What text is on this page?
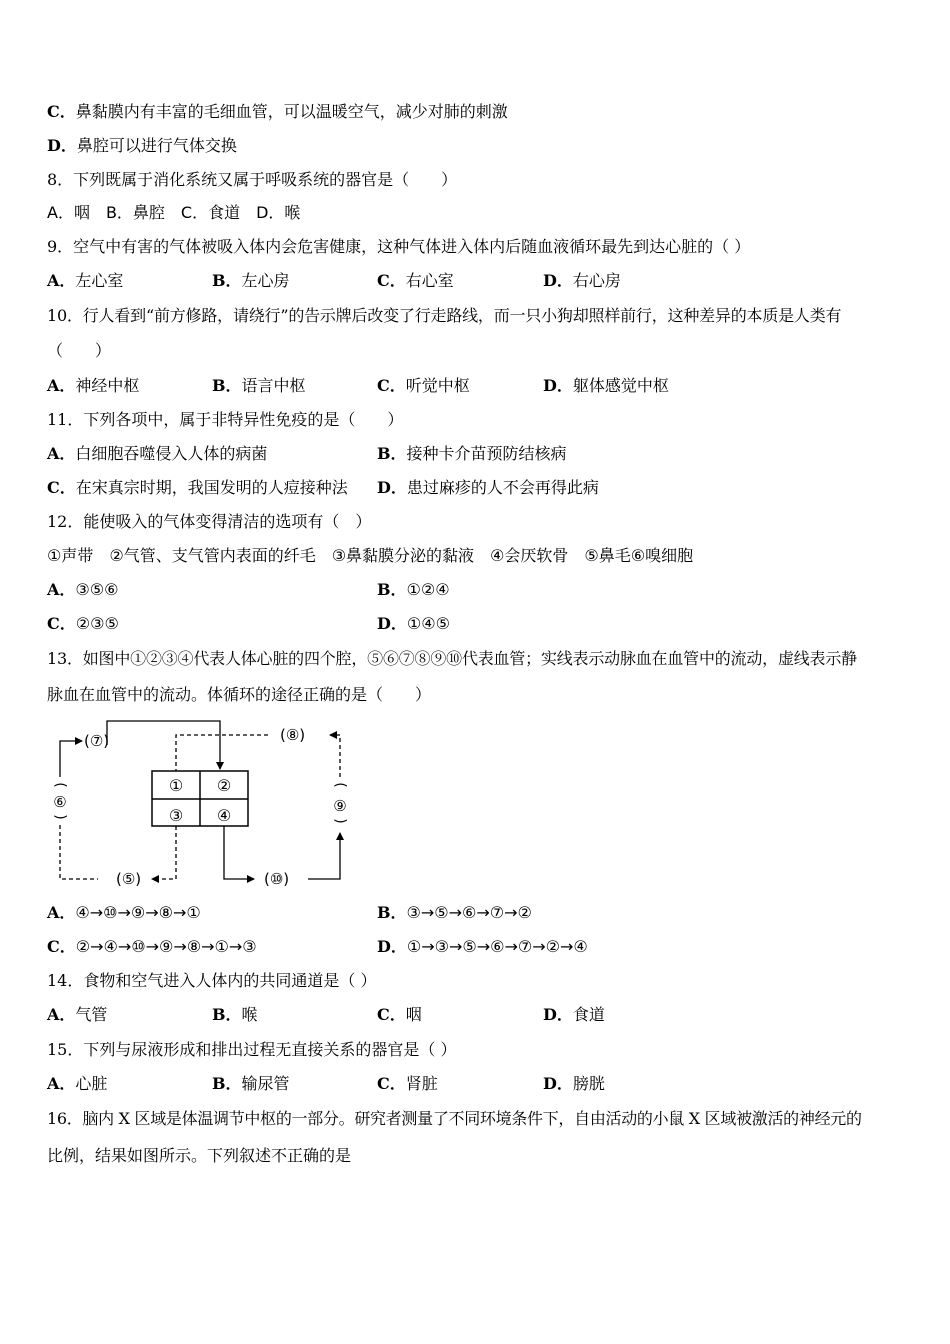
C．鼻黏膜内有丰富的毛细血管，可以温暖空气，减少对肺的刺激
D．鼻腔可以进行气体交换
8．下列既属于消化系统又属于呼吸系统的器官是（　　）
A．咽　B．鼻腔　C．食道　D．喉
9．空气中有害的气体被吸入体内会危害健康，这种气体进入体内后随血液循环最先到达心脏的（ ）
A．左心室	B．左心房	C．右心室	D．右心房
10．行人看到“前方修路，请绕行”的告示牌后改变了行走路线，而一只小狗却照样前行，这种差异的本质是人类有
（　　）
A．神经中枢	B．语言中枢	C．听觉中枢	D．躯体感觉中枢
11．下列各项中，属于非特异性免疫的是（　　）
A．白细胞吞噬侵入人体的病菌	B．接种卡介苗预防结核病
C．在宋真宗时期，我国发明的人痘接种法 D．患过麻疹的人不会再得此病
12．能使吸入的气体变得清洁的选项有（　）
①声带　②气管、支气管内表面的纤毛　③鼻黏膜分泌的黏液　④会厌软骨　⑤鼻毛⑥嗅细胞
A．③⑤⑥	B．①②④
C．②③⑤	D．①④⑤
13．如图中①②③④代表人体心脏的四个腔，⑤⑥⑦⑧⑨⑩代表血管；实线表示动脉血在血管中的流动，虚线表示静
脉血在血管中的流动。体循环的途径正确的是（　　）
① ②
③ ④
(⑦)	(⑧)
(⑤)	(⑩)
(
⑥
)
(
⑨
)
A．④→⑩→⑨→⑧→①	B．③→⑤→⑥→⑦→②
C．②→④→⑩→⑨→⑧→①→③	D．①→③→⑤→⑥→⑦→②→④
14．食物和空气进入人体内的共同通道是（ ）
A．气管	B．喉	C．咽	D．食道
15．下列与尿液形成和排出过程无直接关系的器官是（ ）
A．心脏	B．输尿管	C．肾脏	D．膀胱
16．脑内 X 区域是体温调节中枢的一部分。研究者测量了不同环境条件下，自由活动的小鼠 X 区域被激活的神经元的
比例，结果如图所示。下列叙述不正确的是
